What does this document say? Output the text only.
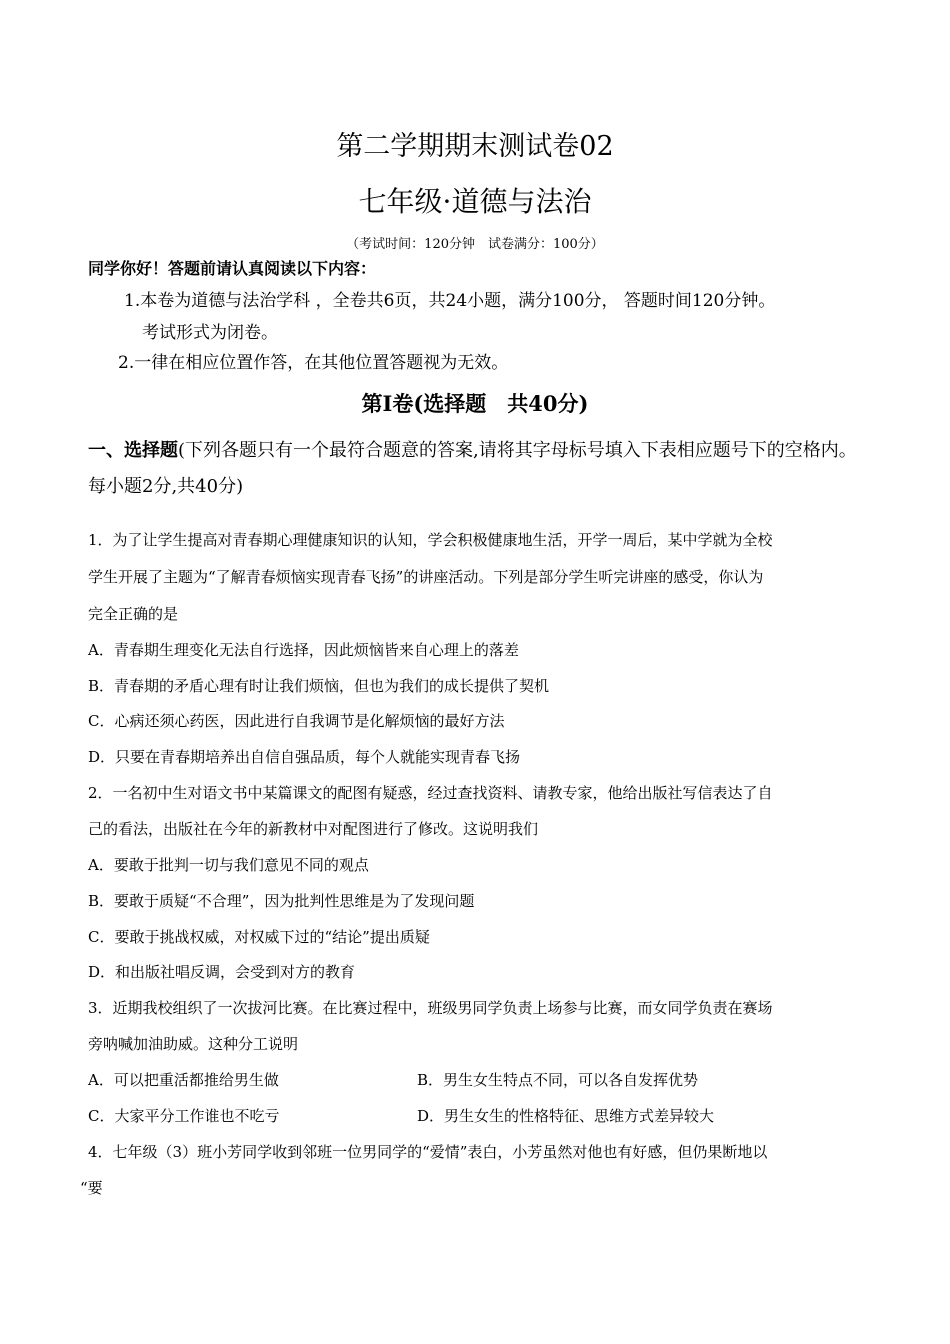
第二学期期末测试卷02
七年级·道德与法治
（考试时间：120分钟　试卷满分：100分）
同学你好！答题前请认真阅读以下内容：
1.本卷为道德与法治学科 ，全卷共6页，共24小题，满分100分， 答题时间120分钟。
考试形式为闭卷。
2.一律在相应位置作答，在其他位置答题视为无效。
第Ⅰ卷(选择题　共40分)
一、选择题(下列各题只有一个最符合题意的答案,请将其字母标号填入下表相应题号下的空格内。每小题2分,共40分)
1．为了让学生提高对青春期心理健康知识的认知，学会积极健康地生活，开学一周后，某中学就为全校
学生开展了主题为“了解青春烦恼实现青春飞扬”的讲座活动。下列是部分学生听完讲座的感受，你认为
完全正确的是
A．青春期生理变化无法自行选择，因此烦恼皆来自心理上的落差
B．青春期的矛盾心理有时让我们烦恼，但也为我们的成长提供了契机
C．心病还须心药医，因此进行自我调节是化解烦恼的最好方法
D．只要在青春期培养出自信自强品质，每个人就能实现青春飞扬
2．一名初中生对语文书中某篇课文的配图有疑惑，经过查找资料、请教专家，他给出版社写信表达了自
己的看法，出版社在今年的新教材中对配图进行了修改。这说明我们
A．要敢于批判一切与我们意见不同的观点
B．要敢于质疑“不合理”，因为批判性思维是为了发现问题
C．要敢于挑战权威，对权威下过的“结论”提出质疑
D．和出版社唱反调，会受到对方的教育
3．近期我校组织了一次拔河比赛。在比赛过程中，班级男同学负责上场参与比赛，而女同学负责在赛场
旁呐喊加油助威。这种分工说明
A．可以把重活都推给男生做	B．男生女生特点不同，可以各自发挥优势
C．大家平分工作谁也不吃亏	D．男生女生的性格特征、思维方式差异较大
4．七年级（3）班小芳同学收到邻班一位男同学的“爱情”表白，小芳虽然对他也有好感，但仍果断地以
“要
